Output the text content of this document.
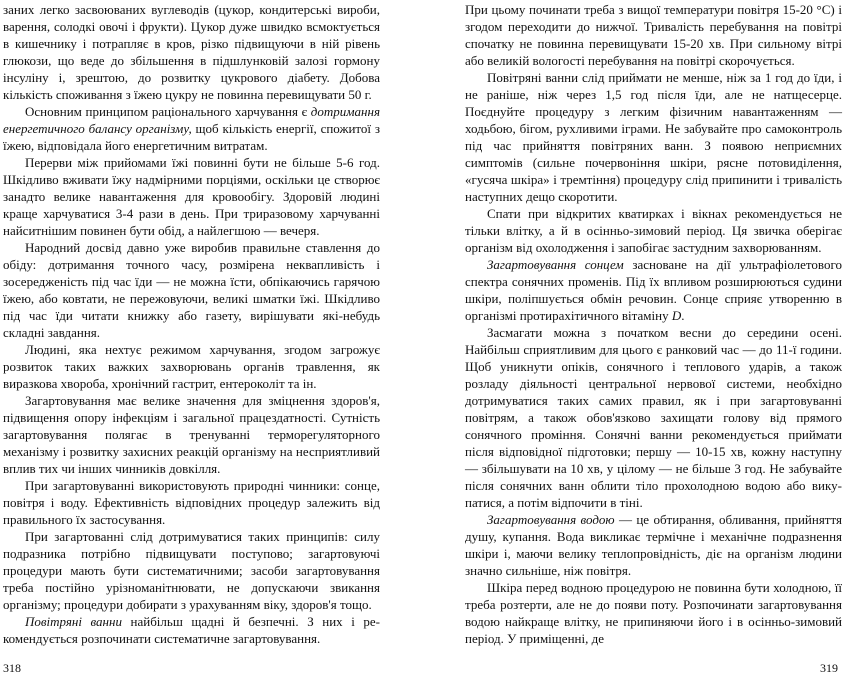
зaних легко засвоюваних вуглеводів (цукор, кондитерські вироби, варення, солодкі овочі і фрукти). Цукор дуже швидко всмоктується в кишечнику і потрапляє в кров, різко підвищуючи в ній рівень глюкози, що веде до збільшення в підшлунковій залозі гормону інсуліну і, зрештою, до розвитку цукрового діабету. Добова кількість споживання з їжею цукру не повинна перевищувати 50 г.

Основним принципом раціонального харчування є дотримання енергетичного балансу організму, щоб кількість енергії, спожитої з їжею, відповідала його енергетичним витратам.

Перерви між прийомами їжі повинні бути не більше 5-6 год. Шкідливо вживати їжу надмірними порціями, оскільки це створює занадто велике навантаження для кровообігу. Здоровій людині краще харчуватися 3-4 рази в день. При триразовому харчуванні найситнішим повинен бути обід, а найлегшою — вечеря.

Народний досвід давно уже виробив правильне ставлення до обіду: дотримання точного часу, розмірена неквапливість і зосередженість під час їди — не можна їсти, обпікаючись гарячою їжею, або ковтати, не пережовуючи, великі шматки їжі. Шкідливо під час їди читати книжку або газету, вирішувати які-небудь складні завдання.

Людині, яка нехтує режимом харчування, згодом загрожує розвиток таких важких захворювань органів травлення, як виразкова хвороба, хронічний гастрит, ентероколіт та ін.

Загартовування має велике значення для зміцнення здоров'я, підвищення опору інфекціям і загальної працездатності. Сутність загартовування полягає в тренуванні терморегуляторного механізму і розвитку захисних реакцій організму на несприятливий вплив тих чи інших чинників довкілля.

При загартовуванні використовують природні чинники: сонце, повітря і воду. Ефективність відповідних процедур залежить від правильного їх застосування.

При загартованні слід дотримуватися таких принципів: силу подразника потрібно підвищувати поступово; загартовуючі процедури мають бути систематичними; засоби загартовування треба постійно урізноманітнювати, не допускаючи звикання організму; процедури добирати з урахуванням віку, здоров'я тощо.

Повітряні ванни найбільш щадні й безпечні. З них і рекомендується розпочинати систематичне загартовування.

При цьому починати треба з вищої температури повітря 15-20 °С) і згодом переходити до нижчої. Тривалість перебування на повітрі спочатку не повинна перевищувати 15-20 хв. При сильному вітрі або великій вологості перебування на повітрі скорочується.

Повітряні ванни слід приймати не менше, ніж за 1 год до їди, і не раніше, ніж через 1,5 год після їди, але не натщесерце. Поєднуйте процедуру з легким фізичним навантаженням — ходьбою, бігом, рухливими іграми. Не забувайте про самоконтроль під час прийняття повітряних ванн. З появою неприємних симптомів (сильне почервоніння шкіри, рясне потовиділення, «гусяча шкіра» і тремтіння) процедуру слід припинити і тривалість наступних дещо скоротити.

Спати при відкритих кватирках і вікнах рекомендується не тільки влітку, а й в осінньо-зимовий період. Ця звичка оберігає організм від охолодження і запобігає застудним захворюванням.

Загартовування сонцем засноване на дії ультрафіолетового спектра сонячних променів. Під їх впливом розширюються судини шкіри, поліпшується обмін речовин. Сонце сприяє утворенню в організмі протирахітичного вітаміну D.

Засмагати можна з початком весни до середини осені. Найбільш сприятливим для цього є ранковий час — до 11-ї години. Щоб уникнути опіків, сонячного і теплового ударів, а також розладу діяльності центральної нервової системи, необхідно дотримуватися таких самих правил, як і при загартовуванні повітрям, а також обов'язково захищати голову від прямого сонячного проміння. Сонячні ванни рекомендується приймати після відповідної підготовки; першу — 10-15 хв, кожну наступну — збільшувати на 10 хв, у цілому — не більше 3 год. Не забувайте після сонячних ванн облити тіло прохолодною водою або викупатися, а потім відпочити в тіні.

Загартовування водою — це обтирання, обливання, прийняття душу, купання. Вода викликає термічне і механічне подразнення шкіри і, маючи велику теплопровідність, діє на організм людини значно сильніше, ніж повітря.

Шкіра перед водною процедурою не повинна бути холодною, її треба розтерти, але не до появи поту. Розпочинати загартовування водою найкраще влітку, не припиняючи його і в осінньо-зимовий період. У приміщенні, де

318	319
